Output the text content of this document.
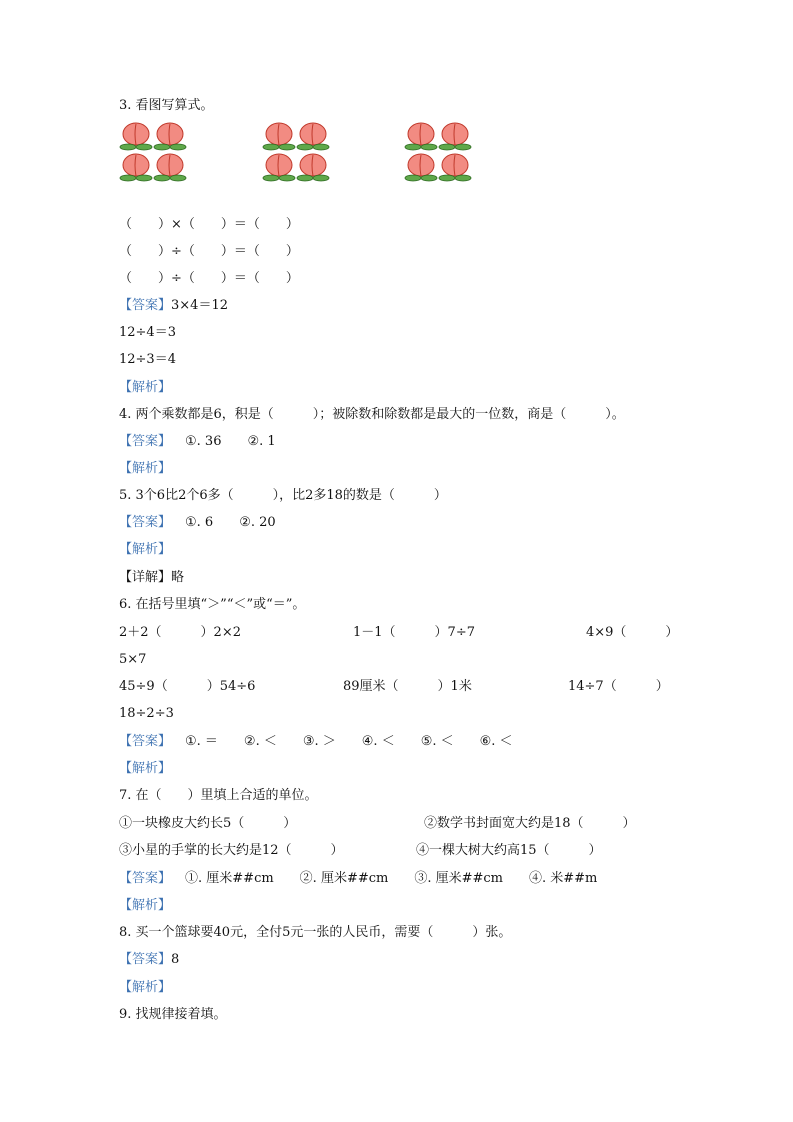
3. 看图写算式。
（　　）×（　　）＝（　　）
（　　）÷（　　）＝（　　）
（　　）÷（　　）＝（　　）
【答案】3×4＝12
12÷4＝3
12÷3＝4
【解析】
4. 两个乘数都是6，积是（　　　）；被除数和除数都是最大的一位数，商是（　　　）。
【答案】 ①. 36　　②. 1
【解析】
5. 3个6比2个6多（　　　），比2多18的数是（　　　）
【答案】 ①. 6　　②. 20
【解析】
【详解】略
6. 在括号里填“＞”“＜”或“＝”。
2＋2（　　　）2×2	1－1（　　　）7÷7	4×9（　　　）
5×7
45÷9（　　　）54÷6	89厘米（　　　）1米	14÷7（　　　）
18÷2÷3
【答案】 ①. ＝　　②. ＜　　③. ＞　　④. ＜　　⑤. ＜　　⑥. ＜
【解析】
7. 在（　　）里填上合适的单位。
①一块橡皮大约长5（　　　）	②数学书封面宽大约是18（　　　）
③小星的手掌的长大约是12（　　　）	④一棵大树大约高15（　　　）
【答案】 ①. 厘米##cm　　②. 厘米##cm　　③. 厘米##cm　　④. 米##m
【解析】
8. 买一个篮球要40元，全付5元一张的人民币，需要（　　　）张。
【答案】8
【解析】
9. 找规律接着填。
